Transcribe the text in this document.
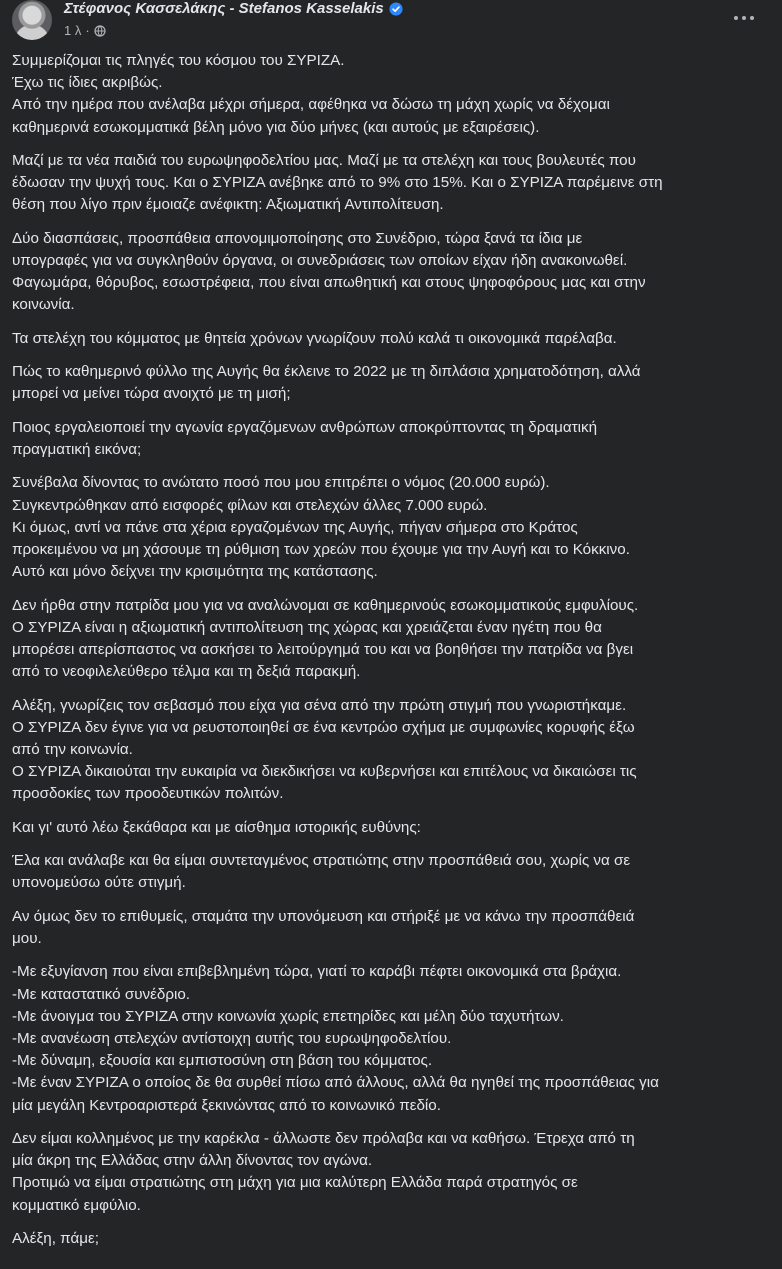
Στέφανος Κασσελάκης - Stefanos Kasselakis
1 λ ·
Συμμερίζομαι τις πληγές του κόσμου του ΣΥΡΙΖΑ.
Έχω τις ίδιες ακριβώς.
Από την ημέρα που ανέλαβα μέχρι σήμερα, αφέθηκα να δώσω τη μάχη χωρίς να δέχομαι
καθημερινά εσωκομματικά βέλη μόνο για δύο μήνες (και αυτούς με εξαιρέσεις).
Μαζί με τα νέα παιδιά του ευρωψηφοδελτίου μας. Μαζί με τα στελέχη και τους βουλευτές που
έδωσαν την ψυχή τους. Και ο ΣΥΡΙΖΑ ανέβηκε από το 9% στο 15%. Και ο ΣΥΡΙΖΑ παρέμεινε στη
θέση που λίγο πριν έμοιαζε ανέφικτη: Αξιωματική Αντιπολίτευση.
Δύο διασπάσεις, προσπάθεια απονομιμοποίησης στο Συνέδριο, τώρα ξανά τα ίδια με
υπογραφές για να συγκληθούν όργανα, οι συνεδριάσεις των οποίων είχαν ήδη ανακοινωθεί.
Φαγωμάρα, θόρυβος, εσωστρέφεια, που είναι απωθητική και στους ψηφοφόρους μας και στην
κοινωνία.
Τα στελέχη του κόμματος με θητεία χρόνων γνωρίζουν πολύ καλά τι οικονομικά παρέλαβα.
Πώς το καθημερινό φύλλο της Αυγής θα έκλεινε το 2022 με τη διπλάσια χρηματοδότηση, αλλά
μπορεί να μείνει τώρα ανοιχτό με τη μισή;
Ποιος εργαλειοποιεί την αγωνία εργαζόμενων ανθρώπων αποκρύπτοντας τη δραματική
πραγματική εικόνα;
Συνέβαλα δίνοντας το ανώτατο ποσό που μου επιτρέπει ο νόμος (20.000 ευρώ).
Συγκεντρώθηκαν από εισφορές φίλων και στελεχών άλλες 7.000 ευρώ.
Κι όμως, αντί να πάνε στα χέρια εργαζομένων της Αυγής, πήγαν σήμερα στο Κράτος
προκειμένου να μη χάσουμε τη ρύθμιση των χρεών που έχουμε για την Αυγή και το Κόκκινο.
Αυτό και μόνο δείχνει την κρισιμότητα της κατάστασης.
Δεν ήρθα στην πατρίδα μου για να αναλώνομαι σε καθημερινούς εσωκομματικούς εμφυλίους.
Ο ΣΥΡΙΖΑ είναι η αξιωματική αντιπολίτευση της χώρας και χρειάζεται έναν ηγέτη που θα
μπορέσει απερίσπαστος να ασκήσει το λειτούργημά του και να βοηθήσει την πατρίδα να βγει
από το νεοφιλελεύθερο τέλμα και τη δεξιά παρακμή.
Αλέξη, γνωρίζεις τον σεβασμό που είχα για σένα από την πρώτη στιγμή που γνωριστήκαμε.
Ο ΣΥΡΙΖΑ δεν έγινε για να ρευστοποιηθεί σε ένα κεντρώο σχήμα με συμφωνίες κορυφής έξω
από την κοινωνία.
Ο ΣΥΡΙΖΑ δικαιούται την ευκαιρία να διεκδικήσει να κυβερνήσει και επιτέλους να δικαιώσει τις
προσδοκίες των προοδευτικών πολιτών.
Και γι' αυτό λέω ξεκάθαρα και με αίσθημα ιστορικής ευθύνης:
Έλα και ανάλαβε και θα είμαι συντεταγμένος στρατιώτης στην προσπάθειά σου, χωρίς να σε
υπονομεύσω ούτε στιγμή.
Αν όμως δεν το επιθυμείς, σταμάτα την υπονόμευση και στήριξέ με να κάνω την προσπάθειά
μου.
-Με εξυγίανση που είναι επιβεβλημένη τώρα, γιατί το καράβι πέφτει οικονομικά στα βράχια.
-Με καταστατικό συνέδριο.
-Με άνοιγμα του ΣΥΡΙΖΑ στην κοινωνία χωρίς επετηρίδες και μέλη δύο ταχυτήτων.
-Με ανανέωση στελεχών αντίστοιχη αυτής του ευρωψηφοδελτίου.
-Με δύναμη, εξουσία και εμπιστοσύνη στη βάση του κόμματος.
-Με έναν ΣΥΡΙΖΑ ο οποίος δε θα συρθεί πίσω από άλλους, αλλά θα ηγηθεί της προσπάθειας για
μία μεγάλη Κεντροαριστερά ξεκινώντας από το κοινωνικό πεδίο.
Δεν είμαι κολλημένος με την καρέκλα - άλλωστε δεν πρόλαβα και να καθήσω. Έτρεχα από τη
μία άκρη της Ελλάδας στην άλλη δίνοντας τον αγώνα.
Προτιμώ να είμαι στρατιώτης στη μάχη για μια καλύτερη Ελλάδα παρά στρατηγός σε
κομματικό εμφύλιο.
Αλέξη, πάμε;
